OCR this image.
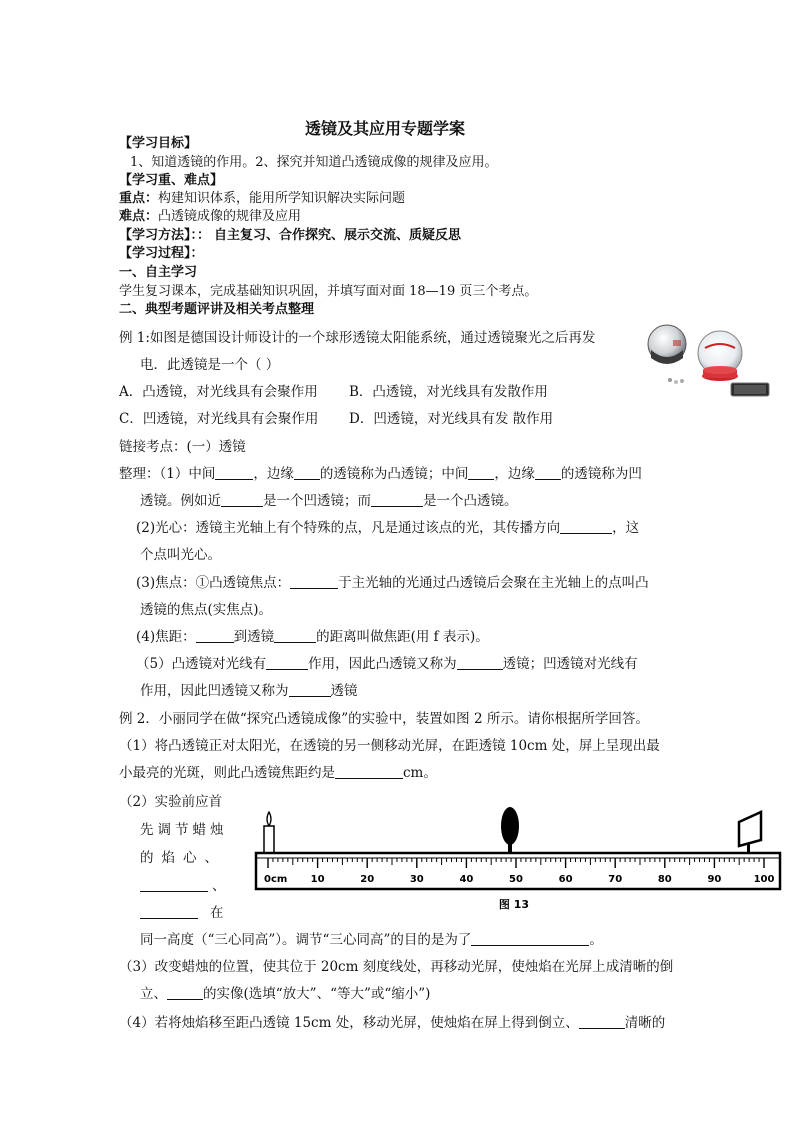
透镜及其应用专题学案
【学习目标】
1、知道透镜的作用。2、探究并知道凸透镜成像的规律及应用。
【学习重、难点】
重点：构建知识体系，能用所学知识解决实际问题
难点：凸透镜成像的规律及应用
【学习方法】：： 自主复习、合作探究、展示交流、质疑反思
【学习过程】：
一、自主学习
学生复习课本，完成基础知识巩固，并填写面对面 18—19 页三个考点。
二、典型考题评讲及相关考点整理
例 1:如图是德国设计师设计的一个球形透镜太阳能系统，通过透镜聚光之后再发
电．此透镜是一个（ ）
A．凸透镜，对光线具有会聚作用 B．凸透镜，对光线具有发散作用
C．凹透镜，对光线具有会聚作用 D．凹透镜，对光线具有发 散作用
链接考点：(一）透镜
整理：（1）中间	，边缘 的透镜称为凸透镜；中间 ，边缘 的透镜称为凹
透镜。例如近	是一个凹透镜；而	是一个凸透镜。
(2)光心：透镜主光轴上有个特殊的点，凡是通过该点的光，其传播方向	，这
个点叫光心。
(3)焦点：①凸透镜焦点：	于主光轴的光通过凸透镜后会聚在主光轴上的点叫凸
透镜的焦点(实焦点)。
(4)焦距：	到透镜	的距离叫做焦距(用 f 表示)。
（5）凸透镜对光线有	作用，因此凸透镜又称为	透镜；凹透镜对光线有
作用，因此凹透镜又称为	透镜
例 2．小丽同学在做“探究凸透镜成像”的实验中，装置如图 2 所示。请你根据所学回答。
（1）将凸透镜正对太阳光，在透镜的另一侧移动光屏，在距透镜 10cm 处，屏上呈现出最
小最亮的光斑，则此凸透镜焦距约是	cm。
（2）实验前应首
先调节蜡烛
的焰心、
、
在
同一高度（“三心同高”）。调节“三心同高”的目的是为了	。
（3）改变蜡烛的位置，使其位于 20cm 刻度线处，再移动光屏，使烛焰在光屏上成清晰的倒
立、	的实像(选填“放大”、“等大”或“缩小”)
（4）若将烛焰移至距凸透镜 15cm 处，移动光屏，使烛焰在屏上得到倒立、	清晰的
0cm 10	20	30	40	50	60	70	80	90	100
图 13
